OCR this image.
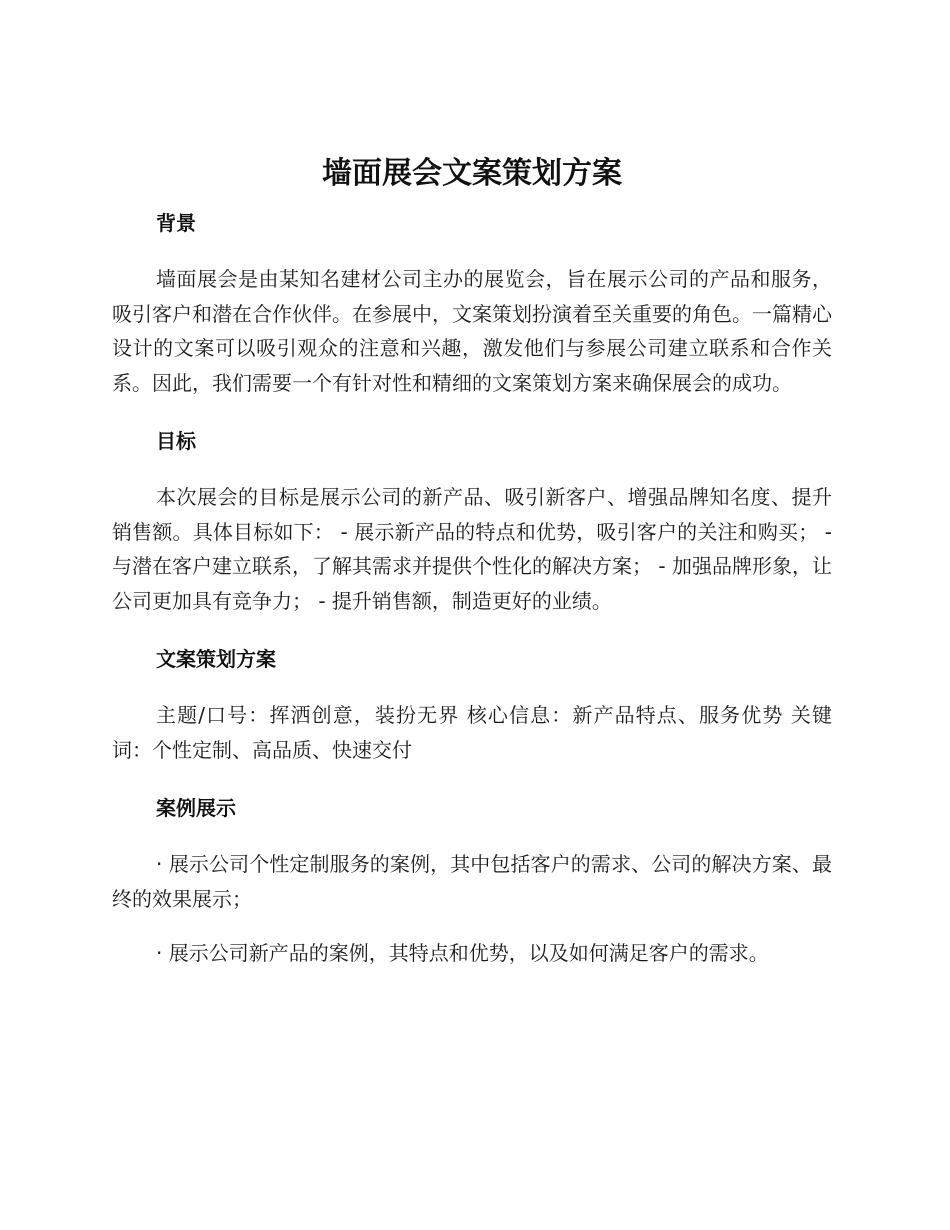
墙面展会文案策划方案
背景

墙面展会是由某知名建材公司主办的展览会，旨在展示公司的产品和服务，吸引客户和潜在合作伙伴。在参展中，文案策划扮演着至关重要的角色。一篇精心设计的文案可以吸引观众的注意和兴趣，激发他们与参展公司建立联系和合作关系。因此，我们需要一个有针对性和精细的文案策划方案来确保展会的成功。

目标

本次展会的目标是展示公司的新产品、吸引新客户、增强品牌知名度、提升销售额。具体目标如下： - 展示新产品的特点和优势，吸引客户的关注和购买； - 与潜在客户建立联系，了解其需求并提供个性化的解决方案； - 加强品牌形象，让公司更加具有竞争力； - 提升销售额，制造更好的业绩。

文案策划方案

主题/口号：挥洒创意，装扮无界 核心信息：新产品特点、服务优势 关键词：个性定制、高品质、快速交付

案例展示

· 展示公司个性定制服务的案例，其中包括客户的需求、公司的解决方案、最终的效果展示；

· 展示公司新产品的案例，其特点和优势，以及如何满足客户的需求。
